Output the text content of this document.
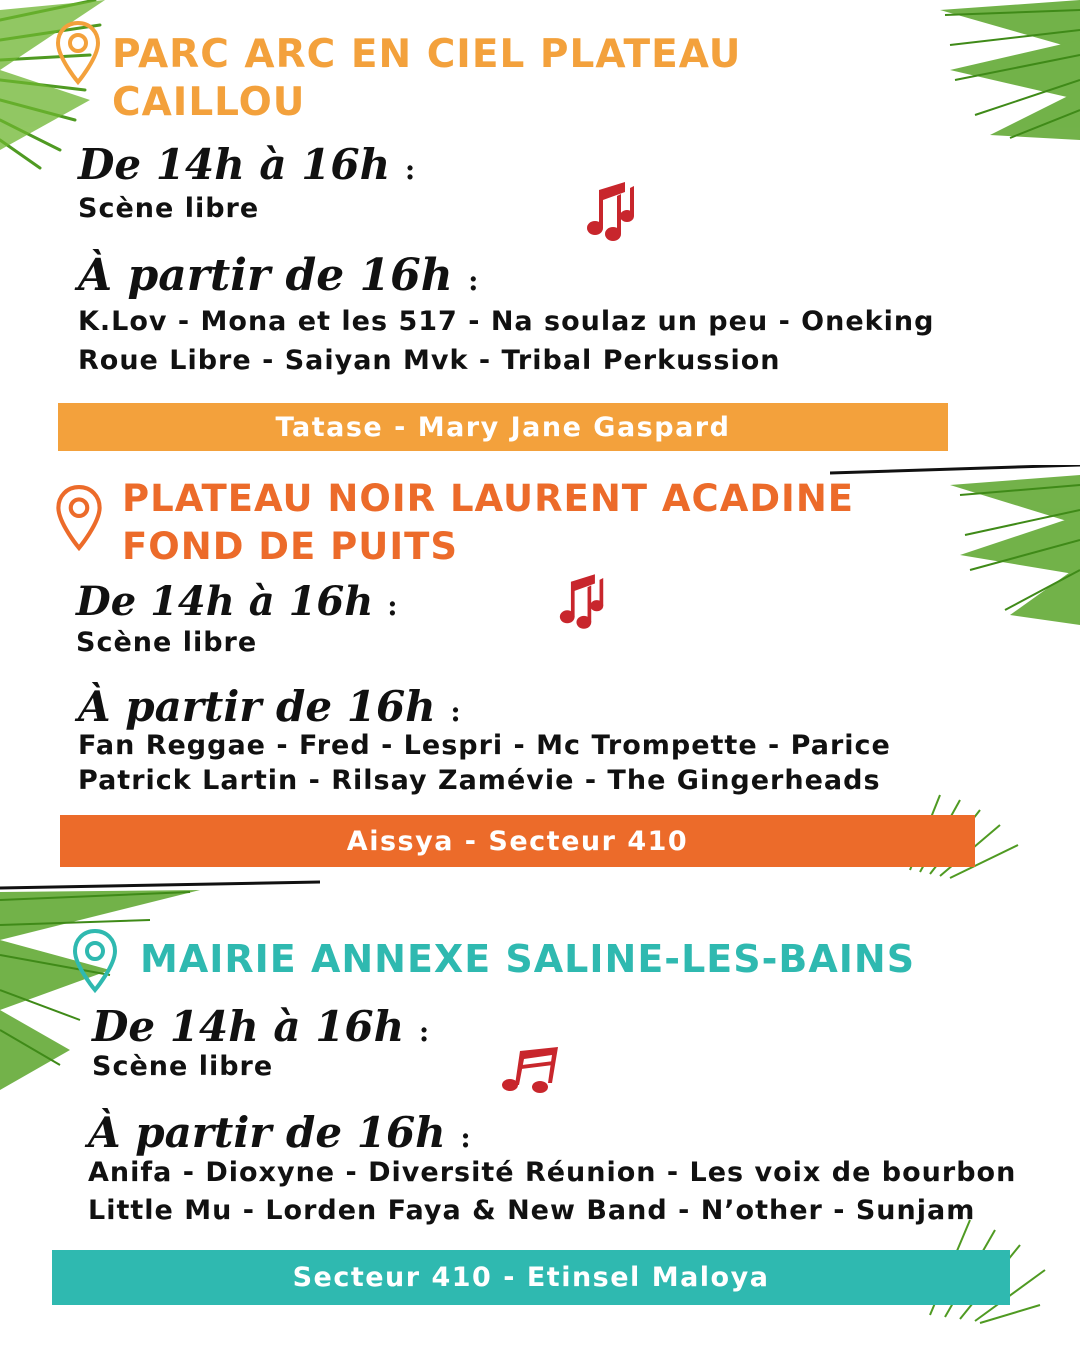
PARC ARC EN CIEL PLATEAU
CAILLOU

De 14h à 16h :

Scène libre

À partir de 16h :

K.Lov - Mona et les 517 - Na soulaz un peu - Oneking

Roue Libre - Saiyan Mvk - Tribal Perkussion

Tatase - Mary Jane Gaspard
PLATEAU NOIR LAURENT ACADINE
FOND DE PUITS

De 14h à 16h :

Scène libre

À partir de 16h :

Fan Reggae - Fred - Lespri - Mc Trompette - Parice

Patrick Lartin - Rilsay Zamévie - The Gingerheads

Aissya - Secteur 410
MAIRIE ANNEXE SALINE-LES-BAINS

De 14h à 16h :

Scène libre

À partir de 16h :

Anifa - Dioxyne - Diversité Réunion - Les voix de bourbon

Little Mu - Lorden Faya & New Band - N’other - Sunjam

Secteur 410 - Etinsel Maloya
